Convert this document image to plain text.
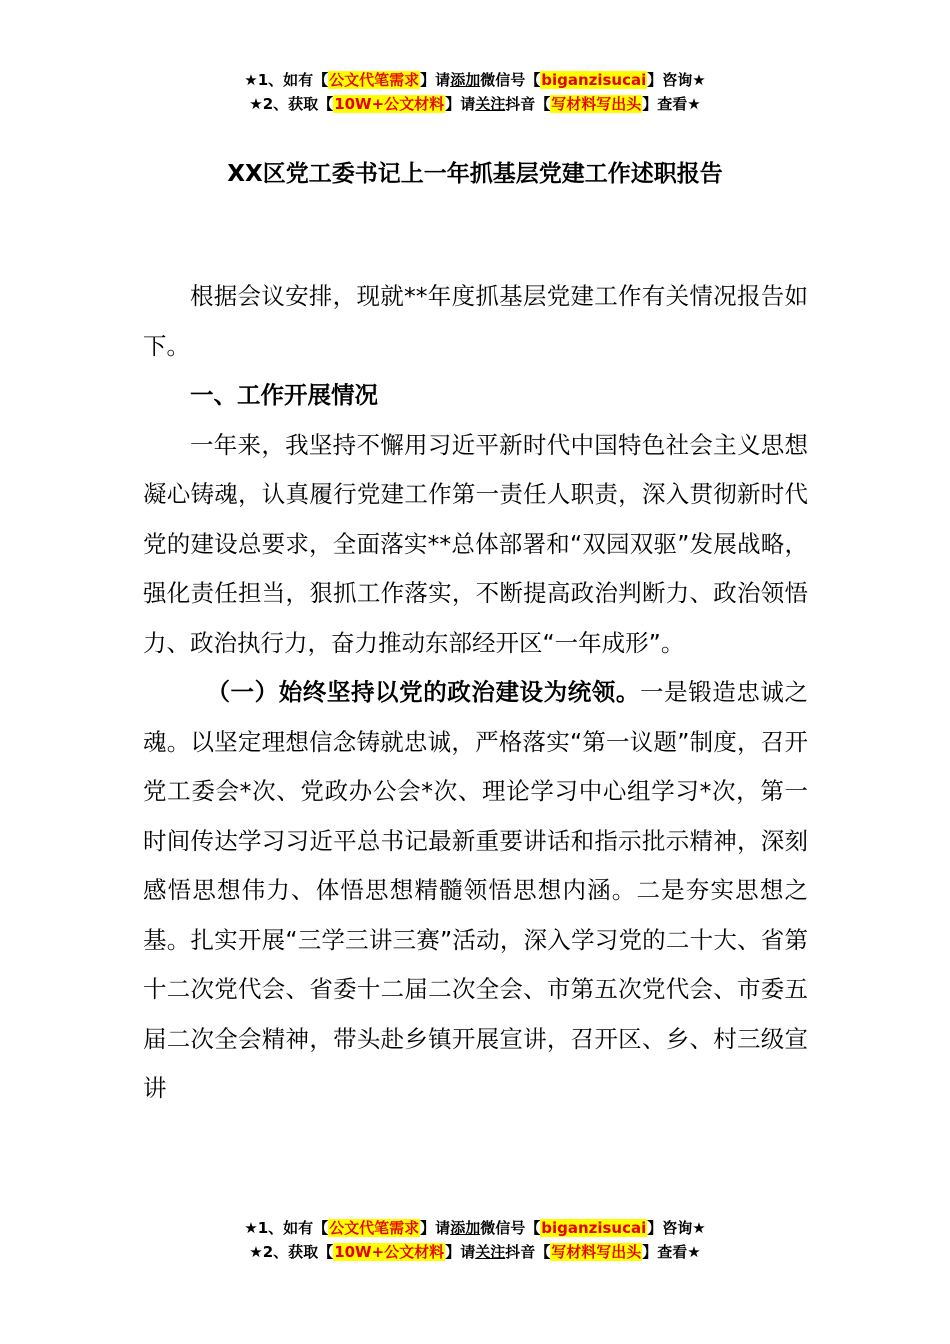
★1、如有【公文代笔需求】请添加微信号【biganzisucai】咨询★
★2、获取【10W+公文材料】请关注抖音【写材料写出头】查看★
XX区党工委书记上一年抓基层党建工作述职报告

根据会议安排，现就**年度抓基层党建工作有关情况报告如下。

一、工作开展情况

一年来，我坚持不懈用习近平新时代中国特色社会主义思想凝心铸魂，认真履行党建工作第一责任人职责，深入贯彻新时代党的建设总要求，全面落实**总体部署和“双园双驱”发展战略，强化责任担当，狠抓工作落实，不断提高政治判断力、政治领悟力、政治执行力，奋力推动东部经开区“一年成形”。

（一）始终坚持以党的政治建设为统领。一是锻造忠诚之魂。以坚定理想信念铸就忠诚，严格落实“第一议题”制度，召开党工委会*次、党政办公会*次、理论学习中心组学习*次，第一时间传达学习习近平总书记最新重要讲话和指示批示精神，深刻感悟思想伟力、体悟思想精髓领悟思想内涵。二是夯实思想之基。扎实开展“三学三讲三赛”活动，深入学习党的二十大、省第十二次党代会、省委十二届二次全会、市第五次党代会、市委五届二次全会精神，带头赴乡镇开展宣讲，召开区、乡、村三级宣讲

★1、如有【公文代笔需求】请添加微信号【biganzisucai】咨询★
★2、获取【10W+公文材料】请关注抖音【写材料写出头】查看★
